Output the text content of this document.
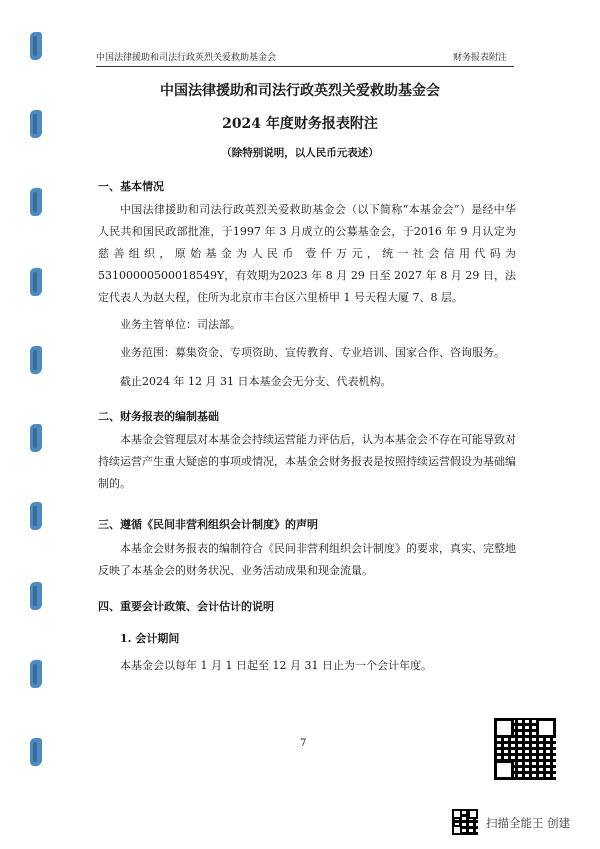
中国法律援助和司法行政英烈关爱救助基金会	财务报表附注
中国法律援助和司法行政英烈关爱救助基金会
2024 年度财务报表附注
（除特别说明，以人民币元表述）
一、基本情况
中国法律援助和司法行政英烈关爱救助基金会（以下简称“本基金会”）是经中华人民共和国民政部批准，于1997 年 3 月成立的公募基金会，于2016 年 9 月认定为慈善组织，原始基金为人民币 壹仟万元，统一社会信用代码为53100000500018549Y，有效期为2023 年 8 月 29 日至 2027 年 8 月 29 日，法定代表人为赵大程，住所为北京市丰台区六里桥甲 1 号天程大厦 7、8 层。
业务主管单位：司法部。
业务范围：募集资金、专项资助、宣传教育、专业培训、国家合作、咨询服务。
截止2024 年 12 月 31 日本基金会无分支、代表机构。
二、财务报表的编制基础
本基金会管理层对本基金会持续运营能力评估后，认为本基金会不存在可能导致对持续运营产生重大疑虑的事项或情况，本基金会财务报表是按照持续运营假设为基础编制的。
三、遵循《民间非营利组织会计制度》的声明
本基金会财务报表的编制符合《民间非营利组织会计制度》的要求，真实、完整地反映了本基金会的财务状况、业务活动成果和现金流量。
四、重要会计政策、会计估计的说明
1. 会计期间
本基金会以每年 1 月 1 日起至 12 月 31 日止为一个会计年度。
7
扫描全能王 创建
